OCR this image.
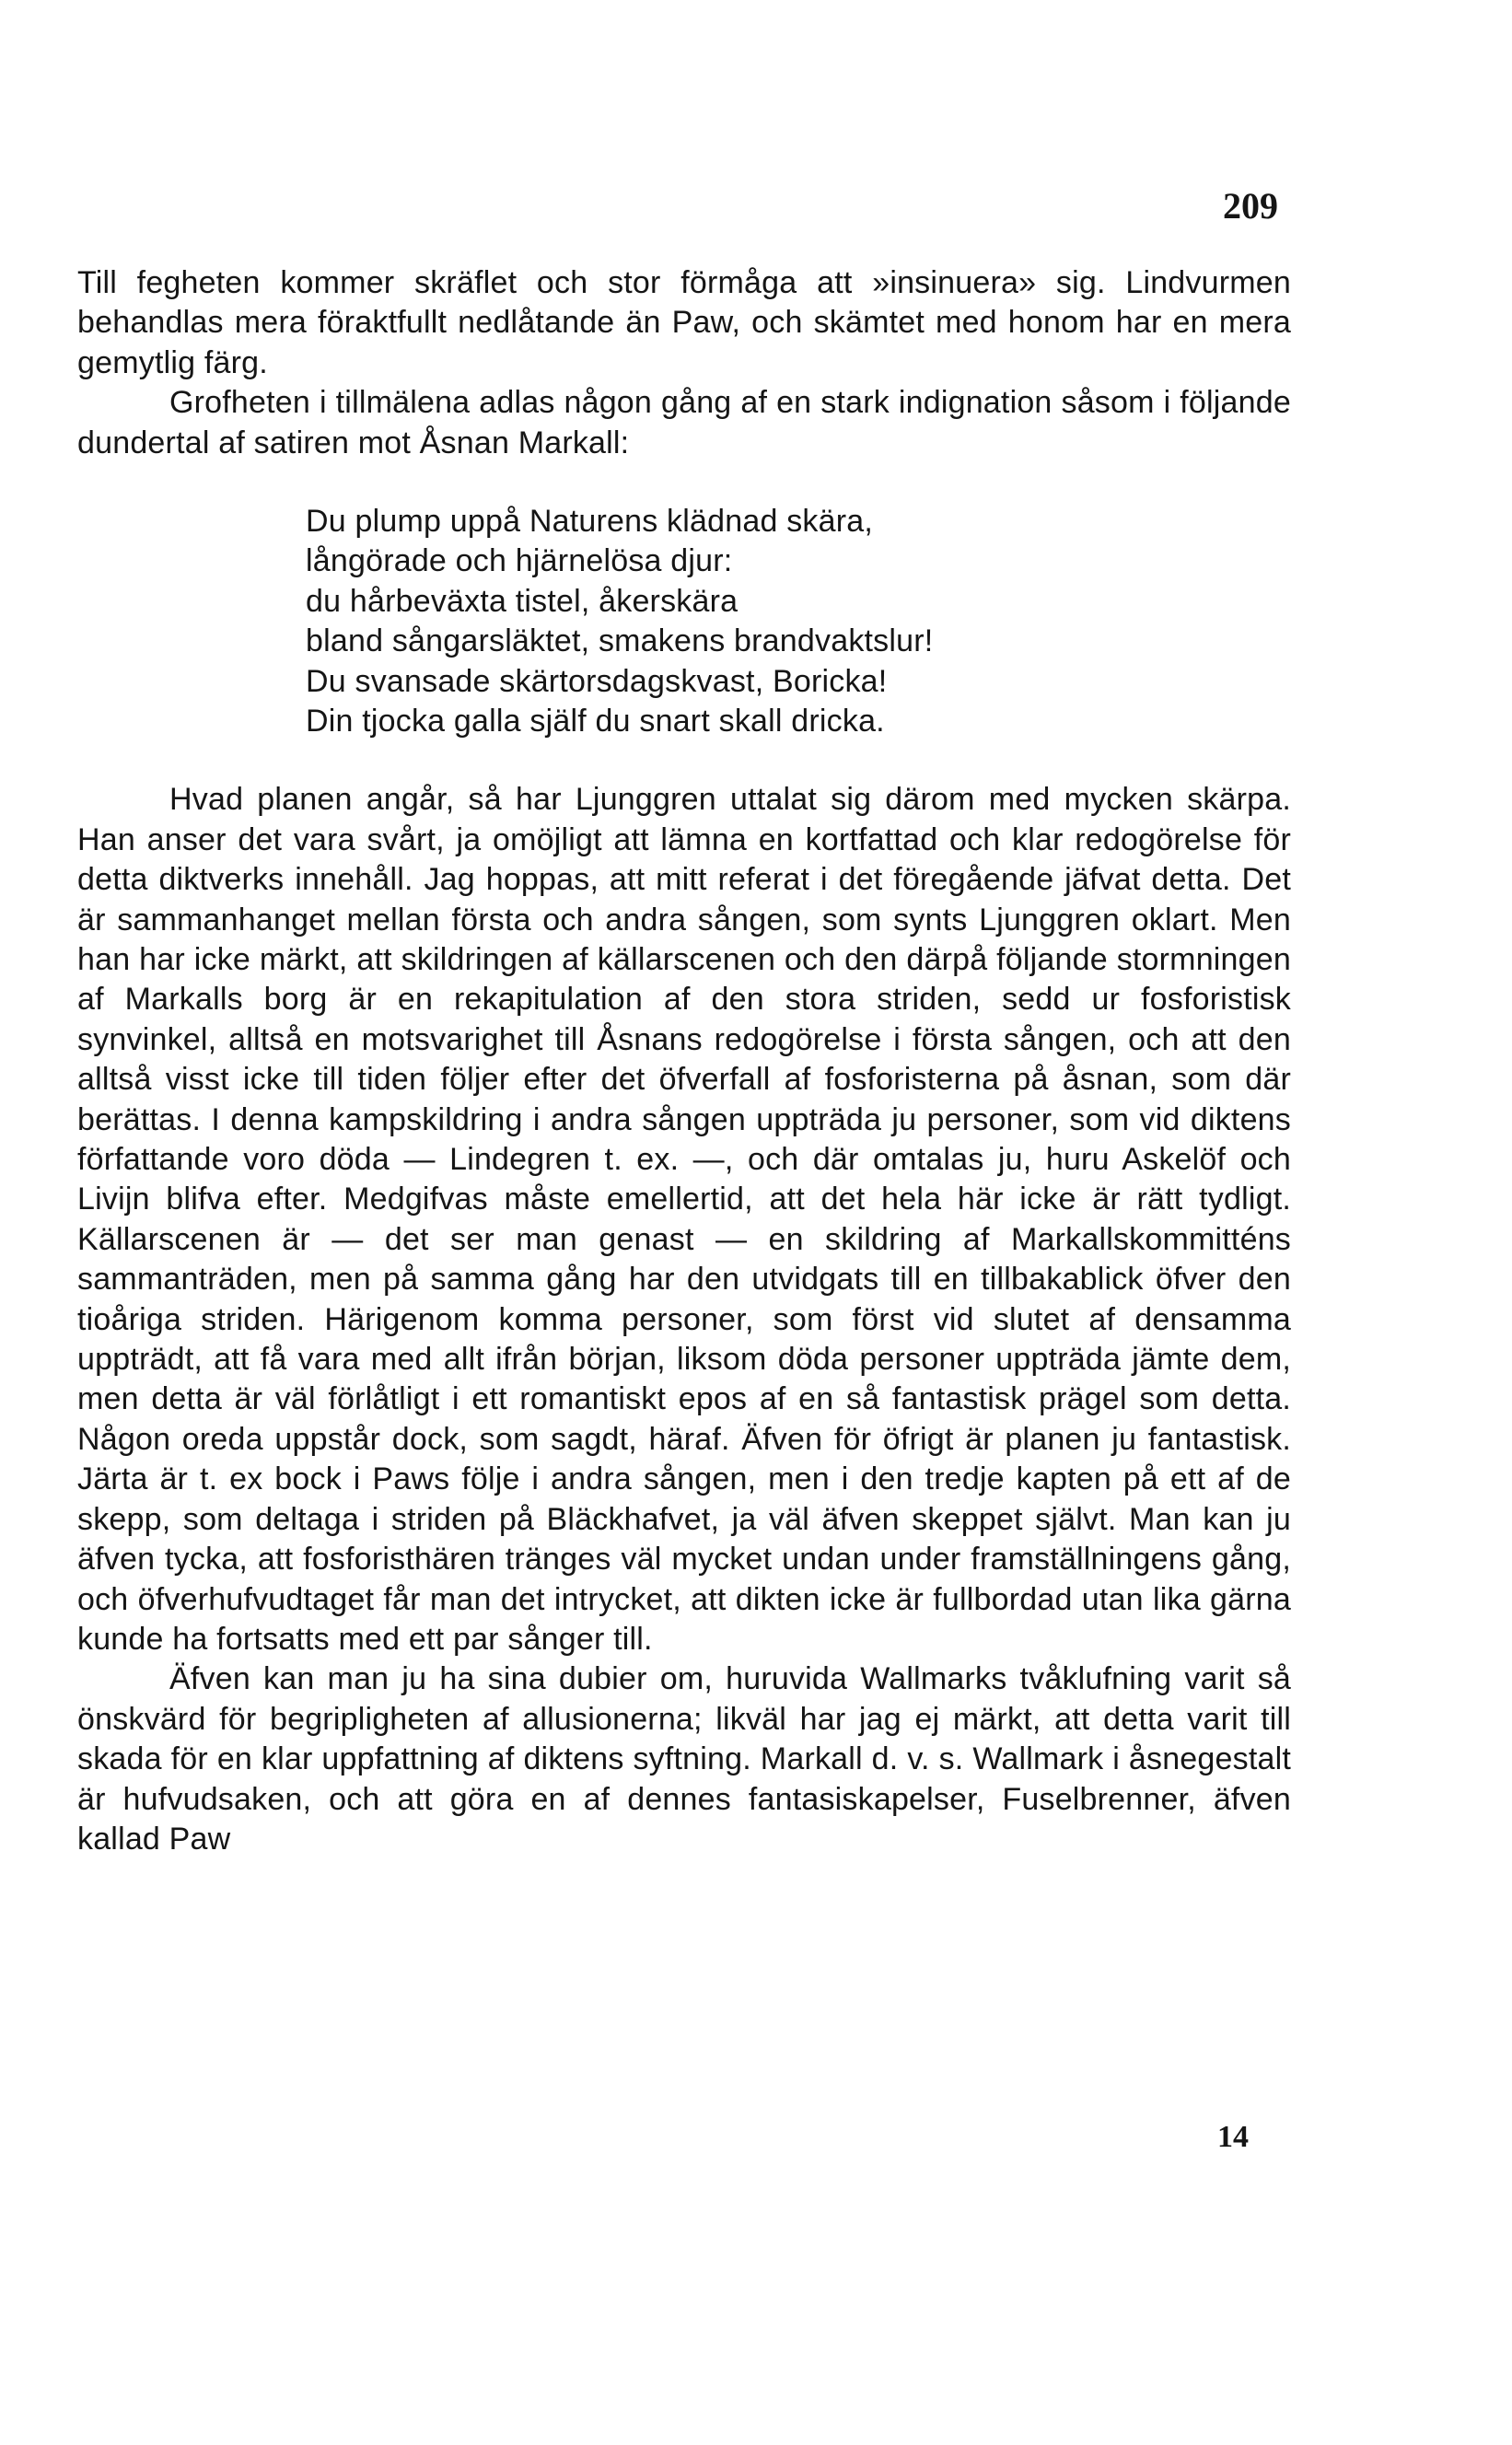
209

Till fegheten kommer skräflet och stor förmåga att »insinuera» sig. Lindvurmen behandlas mera föraktfullt nedlåtande än Paw, och skämtet med honom har en mera gemytlig färg.

Grofheten i tillmälena adlas någon gång af en stark indignation såsom i följande dundertal af satiren mot Åsnan Markall:

Du plump uppå Naturens klädnad skära,
långörade och hjärnelösa djur:
du hårbeväxta tistel, åkerskära
bland sångarsläktet, smakens brandvaktslur!
Du svansade skärtorsdagskvast, Boricka!
Din tjocka galla själf du snart skall dricka.

Hvad planen angår, så har Ljunggren uttalat sig därom med mycken skärpa. Han anser det vara svårt, ja omöjligt att lämna en kortfattad och klar redogörelse för detta diktverks innehåll. Jag hoppas, att mitt referat i det föregående jäfvat detta. Det är sammanhanget mellan första och andra sången, som synts Ljunggren oklart. Men han har icke märkt, att skildringen af källarscenen och den därpå följande stormningen af Markalls borg är en rekapitulation af den stora striden, sedd ur fosforistisk synvinkel, alltså en motsvarighet till Åsnans redogörelse i första sången, och att den alltså visst icke till tiden följer efter det öfverfall af fosforisterna på åsnan, som där berättas. I denna kampskildring i andra sången uppträda ju personer, som vid diktens författande voro döda — Lindegren t. ex. —, och där omtalas ju, huru Askelöf och Livijn blifva efter. Medgifvas måste emellertid, att det hela här icke är rätt tydligt. Källarscenen är — det ser man genast — en skildring af Markallskommitténs sammanträden, men på samma gång har den utvidgats till en tillbakablick öfver den tioåriga striden. Härigenom komma personer, som först vid slutet af densamma uppträdt, att få vara med allt ifrån början, liksom döda personer uppträda jämte dem, men detta är väl förlåtligt i ett romantiskt epos af en så fantastisk prägel som detta. Någon oreda uppstår dock, som sagdt, häraf. Äfven för öfrigt är planen ju fantastisk. Järta är t. ex bock i Paws följe i andra sången, men i den tredje kapten på ett af de skepp, som deltaga i striden på Bläckhafvet, ja väl äfven skeppet självt. Man kan ju äfven tycka, att fosforisthären tränges väl mycket undan under framställningens gång, och öfverhufvudtaget får man det intrycket, att dikten icke är fullbordad utan lika gärna kunde ha fortsatts med ett par sånger till.

Äfven kan man ju ha sina dubier om, huruvida Wallmarks tvåklufning varit så önskvärd för begripligheten af allusionerna; likväl har jag ej märkt, att detta varit till skada för en klar uppfattning af diktens syftning. Markall d. v. s. Wallmark i åsnegestalt är hufvudsaken, och att göra en af dennes fantasiskapelser, Fuselbrenner, äfven kallad Paw

14
